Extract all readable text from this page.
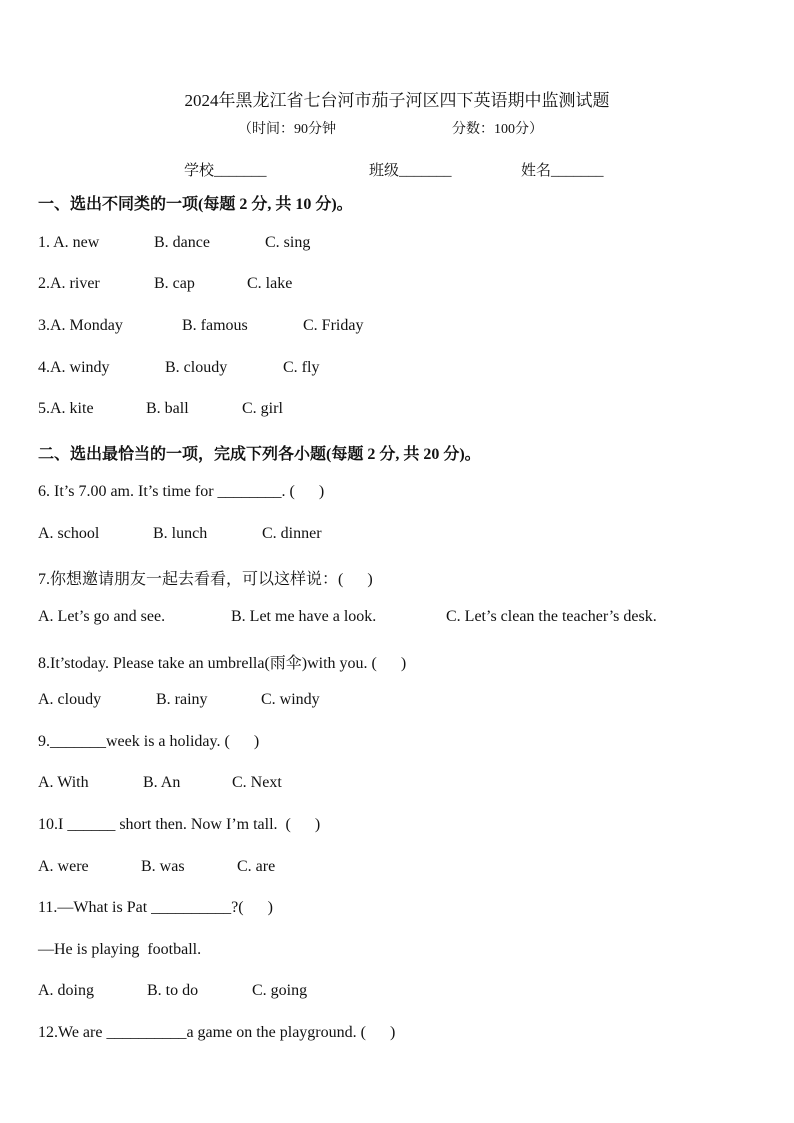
2024年黑龙江省七台河市茄子河区四下英语期中监测试题
（时间：90分钟	分数：100分）
学校_______	班级_______	姓名_______
一、选出不同类的一项(每题 2 分, 共 10 分)。
1. A. new	B. dance	C. sing
2.A. river	B. cap	C. lake
3.A. Monday	B. famous	C. Friday
4.A. windy	B. cloudy	C. fly
5.A. kite	B. ball	C. girl
二、选出最恰当的一项，完成下列各小题(每题 2 分, 共 20 分)。
6. It’s 7.00 am. It’s time for ________. (      )
A. school	B. lunch	C. dinner
7.你想邀请朋友一起去看看，可以这样说：(      )
A. Let’s go and see.	B. Let me have a look.	C. Let’s clean the teacher’s desk.
8.It’stoday. Please take an umbrella(雨伞)with you. (      )
A. cloudy	B. rainy	C. windy
9._______week is a holiday. (      )
A. With	B. An	C. Next
10.I ______ short then. Now I’m tall.  (      )
A. were	B. was	C. are
11.—What is Pat __________?(      )
—He is playing  football.
A. doing	B. to do	C. going
12.We are __________a game on the playground. (      )
